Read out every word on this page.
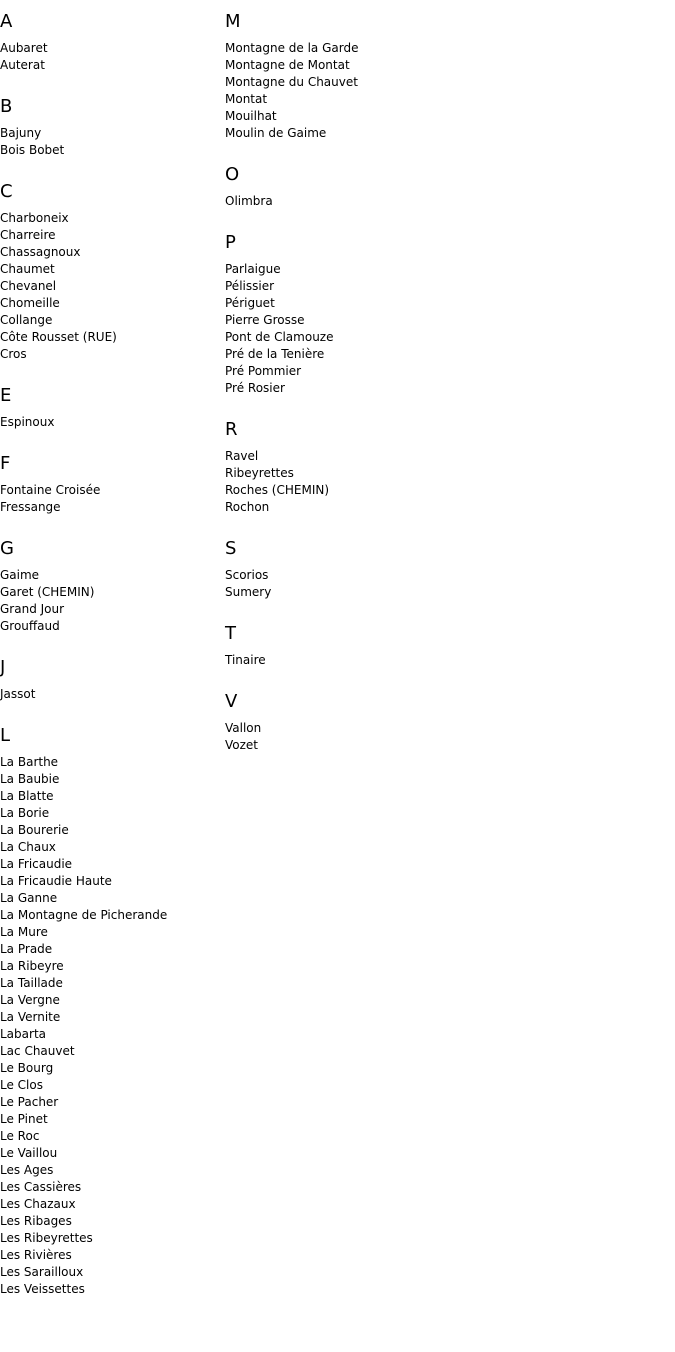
A
Aubaret
Auterat
B
Bajuny
Bois Bobet
C
Charboneix
Charreire
Chassagnoux
Chaumet
Chevanel
Chomeille
Collange
Côte Rousset (RUE)
Cros
E
Espinoux
F
Fontaine Croisée
Fressange
G
Gaime
Garet (CHEMIN)
Grand Jour
Grouffaud
J
Jassot
L
La Barthe
La Baubie
La Blatte
La Borie
La Bourerie
La Chaux
La Fricaudie
La Fricaudie Haute
La Ganne
La Montagne de Picherande
La Mure
La Prade
La Ribeyre
La Taillade
La Vergne
La Vernite
Labarta
Lac Chauvet
Le Bourg
Le Clos
Le Pacher
Le Pinet
Le Roc
Le Vaillou
Les Ages
Les Cassières
Les Chazaux
Les Ribages
Les Ribeyrettes
Les Rivières
Les Sarailloux
Les Veissettes
M
Montagne de la Garde
Montagne de Montat
Montagne du Chauvet
Montat
Mouilhat
Moulin de Gaime
O
Olimbra
P
Parlaigue
Pélissier
Périguet
Pierre Grosse
Pont de Clamouze
Pré de la Tenière
Pré Pommier
Pré Rosier
R
Ravel
Ribeyrettes
Roches (CHEMIN)
Rochon
S
Scorios
Sumery
T
Tinaire
V
Vallon
Vozet
